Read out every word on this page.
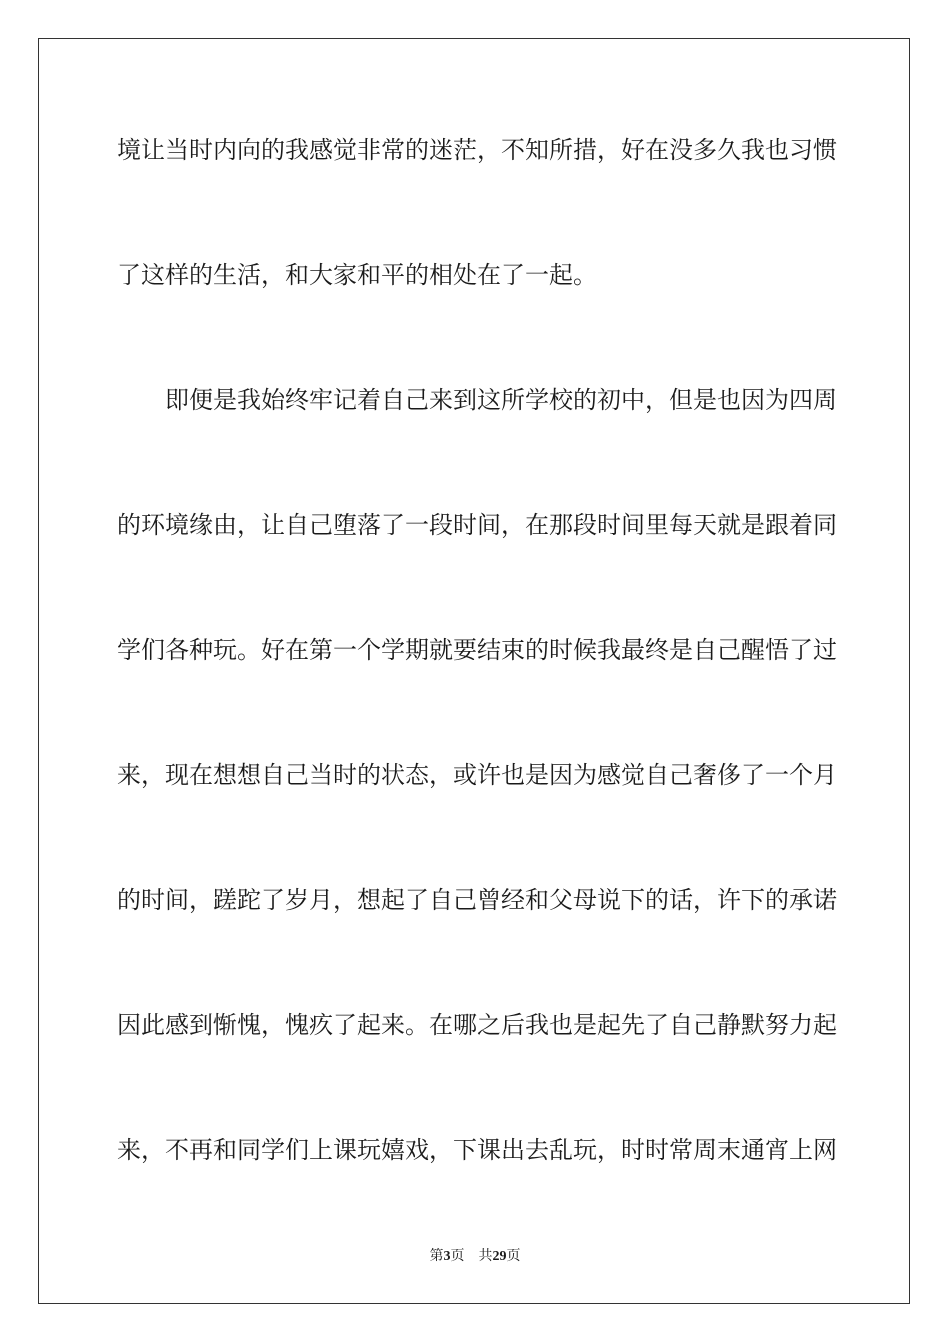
境让当时内向的我感觉非常的迷茫，不知所措，好在没多久我也习惯
了这样的生活，和大家和平的相处在了一起。
即便是我始终牢记着自己来到这所学校的初中，但是也因为四周
的环境缘由，让自己堕落了一段时间，在那段时间里每天就是跟着同
学们各种玩。好在第一个学期就要结束的时候我最终是自己醒悟了过
来，现在想想自己当时的状态，或许也是因为感觉自己奢侈了一个月
的时间，蹉跎了岁月，想起了自己曾经和父母说下的话，许下的承诺
因此感到惭愧，愧疚了起来。在哪之后我也是起先了自己静默努力起
来，不再和同学们上课玩嬉戏，下课出去乱玩，时时常周末通宵上网
第3页 共29页
